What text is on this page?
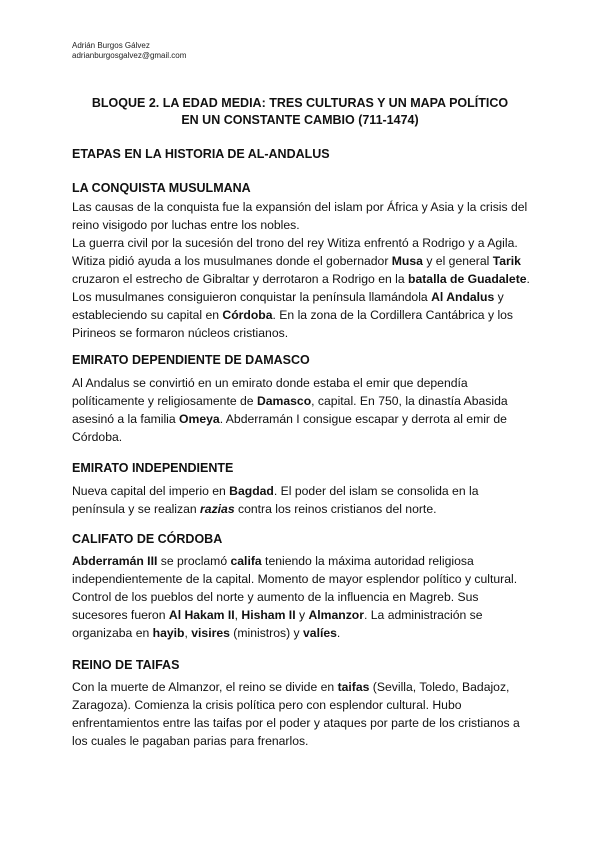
Adrián Burgos Gálvez
adrianburgosgalvez@gmail.com
BLOQUE 2. LA EDAD MEDIA: TRES CULTURAS Y UN MAPA POLÍTICO
EN UN CONSTANTE CAMBIO (711-1474)
ETAPAS EN LA HISTORIA DE AL-ANDALUS
LA CONQUISTA MUSULMANA

Las causas de la conquista fue la expansión del islam por África y Asia y la crisis del reino visigodo por luchas entre los nobles.

La guerra civil por la sucesión del trono del rey Witiza enfrentó a Rodrigo y a Agila. Witiza pidió ayuda a los musulmanes donde el gobernador Musa y el general Tarik cruzaron el estrecho de Gibraltar y derrotaron a Rodrigo en la batalla de Guadalete. Los musulmanes consiguieron conquistar la península llamándola Al Andalus y estableciendo su capital en Córdoba. En la zona de la Cordillera Cantábrica y los Pirineos se formaron núcleos cristianos.

EMIRATO DEPENDIENTE DE DAMASCO

Al Andalus se convirtió en un emirato donde estaba el emir que dependía políticamente y religiosamente de Damasco, capital. En 750, la dinastía Abasida asesinó a la familia Omeya. Abderramán I consigue escapar y derrota al emir de Córdoba.

EMIRATO INDEPENDIENTE

Nueva capital del imperio en Bagdad. El poder del islam se consolida en la península y se realizan razias contra los reinos cristianos del norte.

CALIFATO DE CÓRDOBA

Abderramán III se proclamó califa teniendo la máxima autoridad religiosa independientemente de la capital. Momento de mayor esplendor político y cultural. Control de los pueblos del norte y aumento de la influencia en Magreb. Sus sucesores fueron Al Hakam II, Hisham II y Almanzor. La administración se organizaba en hayib, visires (ministros) y valíes.

REINO DE TAIFAS

Con la muerte de Almanzor, el reino se divide en taifas (Sevilla, Toledo, Badajoz, Zaragoza). Comienza la crisis política pero con esplendor cultural. Hubo enfrentamientos entre las taifas por el poder y ataques por parte de los cristianos a los cuales le pagaban parias para frenarlos.
